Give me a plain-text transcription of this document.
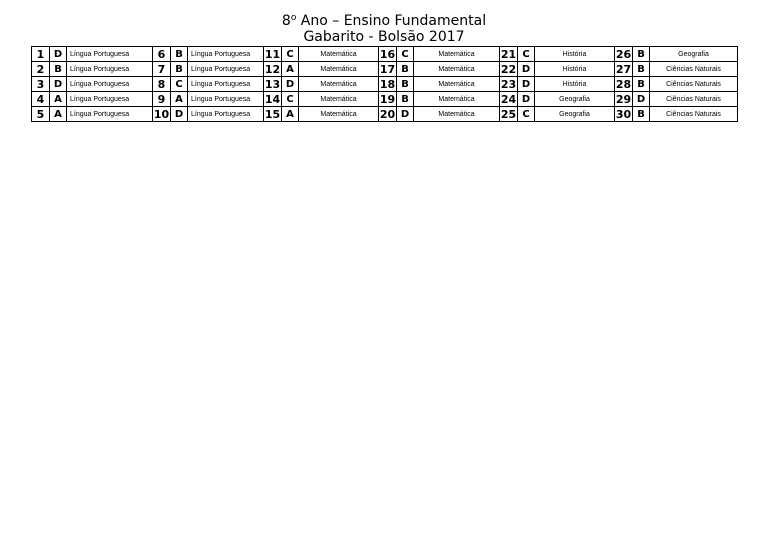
8$^o$ Ano – Ensino Fundamental
Gabarito - Bolsão 2017
1	D	Língua Portuguesa	6	B	Língua Portuguesa	11	C	Matemática	16	C	Matemática	21	C	História	26	B	Geografia
2	B	Língua Portuguesa	7	B	Língua Portuguesa	12	A	Matemática	17	B	Matemática	22	D	História	27	B	Ciências Naturais
3	D	Língua Portuguesa	8	C	Língua Portuguesa	13	D	Matemática	18	B	Matemática	23	D	História	28	B	Ciências Naturais
4	A	Língua Portuguesa	9	A	Língua Portuguesa	14	C	Matemática	19	B	Matemática	24	D	Geografia	29	D	Ciências Naturais
5	A	Língua Portuguesa	10	D	Língua Portuguesa	15	A	Matemática	20	D	Matemática	25	C	Geografia	30	B	Ciências Naturais
